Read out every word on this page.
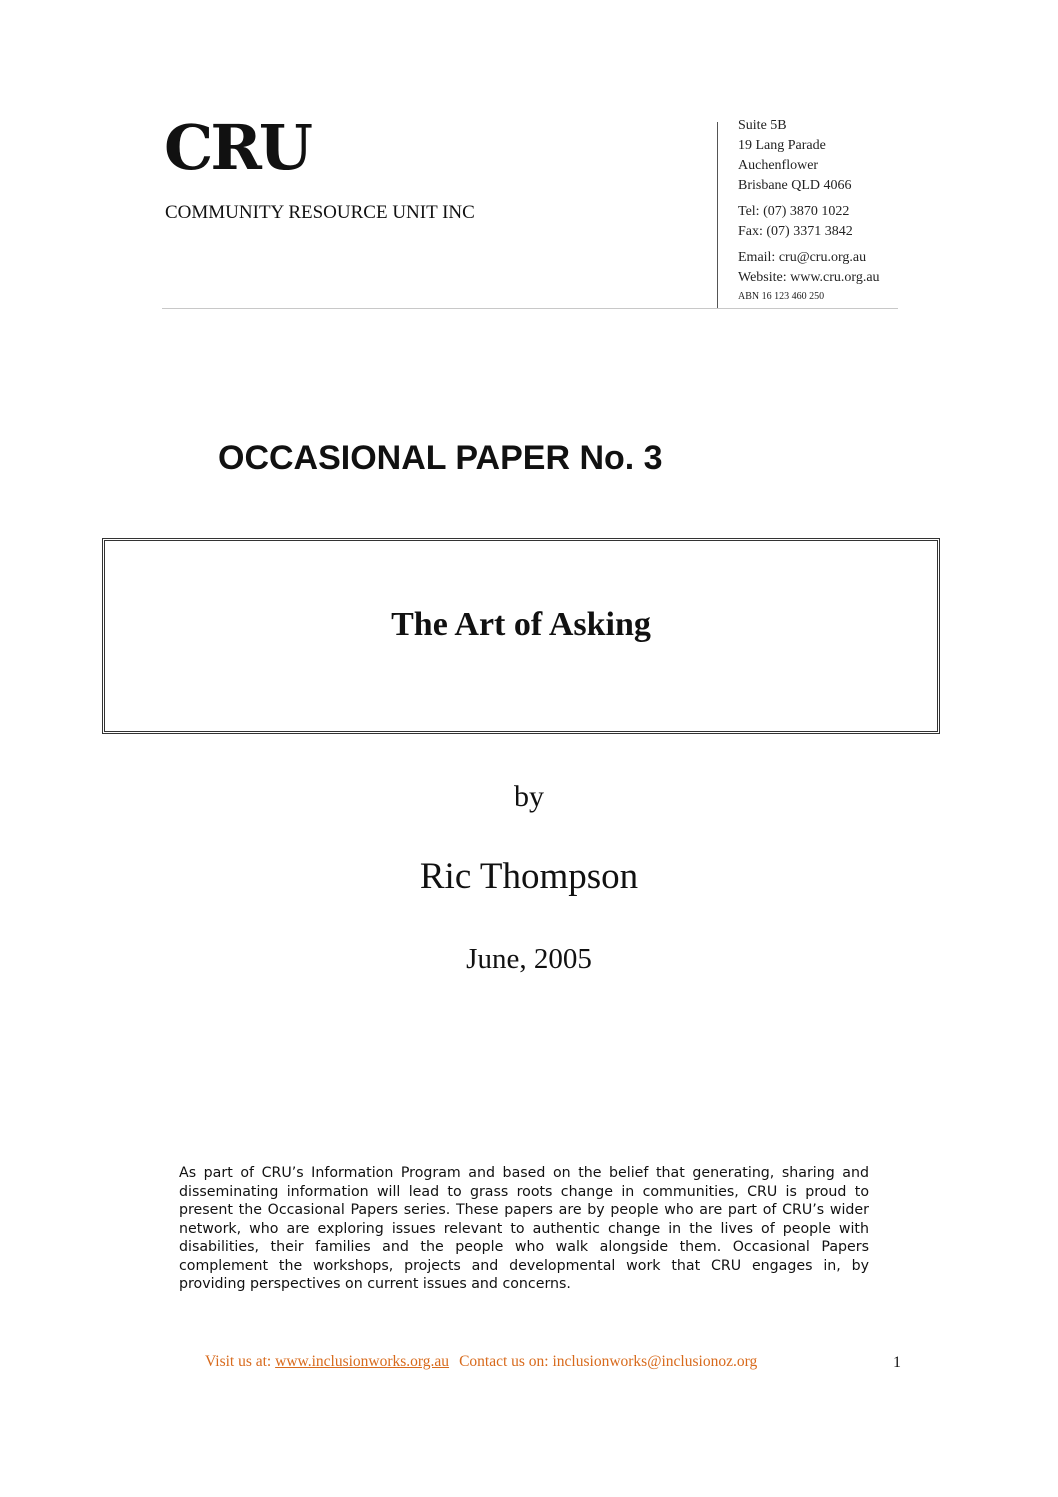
CRU
COMMUNITY RESOURCE UNIT INC
Suite 5B
19 Lang Parade
Auchenflower
Brisbane QLD 4066
Tel: (07) 3870 1022
Fax: (07) 3371 3842
Email: cru@cru.org.au
Website: www.cru.org.au
ABN 16 123 460 250
OCCASIONAL PAPER No. 3
The Art of Asking
by
Ric Thompson
June, 2005
As part of CRU’s Information Program and based on the belief that generating, sharing and disseminating information will lead to grass roots change in communities, CRU is proud to present the Occasional Papers series. These papers are by people who are part of CRU’s wider network, who are exploring issues relevant to authentic change in the lives of people with disabilities, their families and the people who walk alongside them. Occasional Papers complement the workshops, projects and developmental work that CRU engages in, by providing perspectives on current issues and concerns.
Visit us at: www.inclusionworks.org.au Contact us on: inclusionworks@inclusionoz.org	1
